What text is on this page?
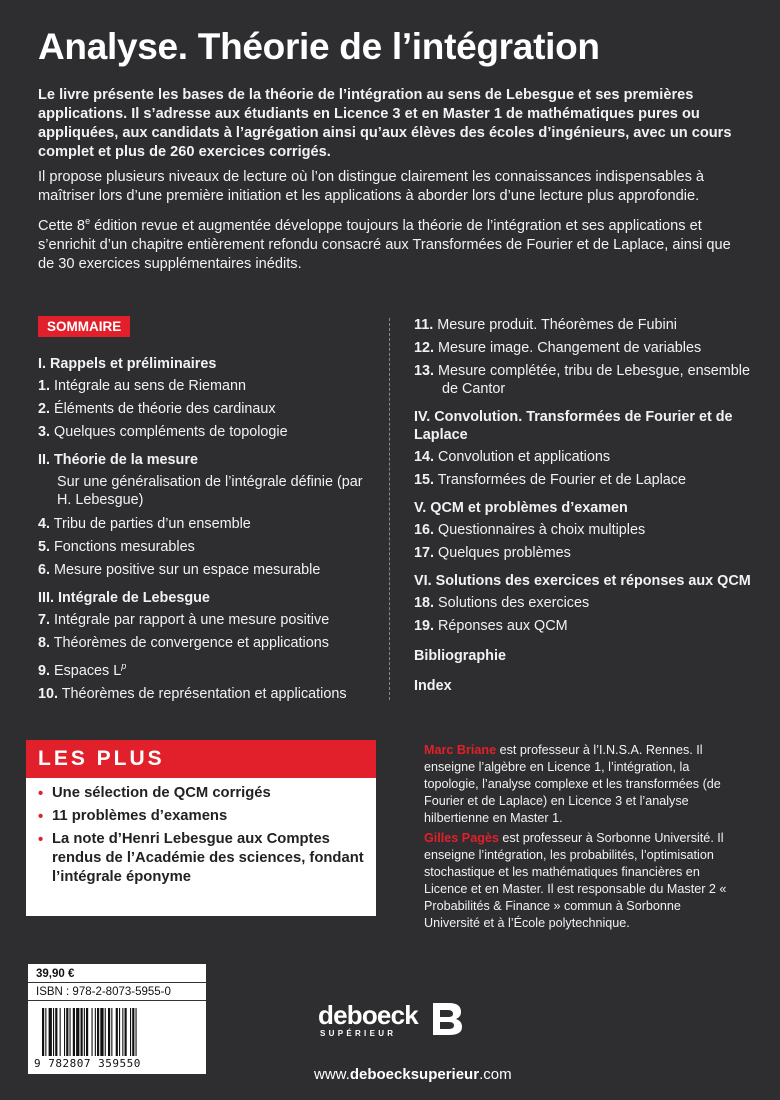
Analyse. Théorie de l’intégration

Le livre présente les bases de la théorie de l’intégration au sens de Lebesgue et ses premières applications. Il s’adresse aux étudiants en Licence 3 et en Master 1 de mathématiques pures ou appliquées, aux candidats à l’agrégation ainsi qu’aux élèves des écoles d’ingénieurs, avec un cours complet et plus de 260 exercices corrigés.

Il propose plusieurs niveaux de lecture où l’on distingue clairement les connaissances indispensables à maîtriser lors d’une première initiation et les applications à aborder lors d’une lecture plus approfondie.

Cette 8e édition revue et augmentée développe toujours la théorie de l’intégration et ses applications et s’enrichit d’un chapitre entièrement refondu consacré aux Transformées de Fourier et de Laplace, ainsi que de 30 exercices supplémentaires inédits.

SOMMAIRE
I. Rappels et préliminaires
1. Intégrale au sens de Riemann
2. Éléments de théorie des cardinaux
3. Quelques compléments de topologie
II. Théorie de la mesure
Sur une généralisation de l’intégrale définie (par H. Lebesgue)
4. Tribu de parties d’un ensemble
5. Fonctions mesurables
6. Mesure positive sur un espace mesurable
III. Intégrale de Lebesgue
7. Intégrale par rapport à une mesure positive
8. Théorèmes de convergence et applications
9. Espaces $L^p$
10. Théorèmes de représentation et applications
11. Mesure produit. Théorèmes de Fubini
12. Mesure image. Changement de variables
13. Mesure complétée, tribu de Lebesgue, ensemble de Cantor
IV. Convolution. Transformées de Fourier et de Laplace
14. Convolution et applications
15. Transformées de Fourier et de Laplace
V. QCM et problèmes d’examen
16. Questionnaires à choix multiples
17. Quelques problèmes
VI. Solutions des exercices et réponses aux QCM
18. Solutions des exercices
19. Réponses aux QCM
Bibliographie
Index
LES PLUS
• Une sélection de QCM corrigés
• 11 problèmes d’examens
• La note d’Henri Lebesgue aux Comptes rendus de l’Académie des sciences, fondant l’intégrale éponyme

Marc Briane est professeur à l’I.N.S.A. Rennes. Il enseigne l’algèbre en Licence 1, l’intégration, la topologie, l’analyse complexe et les transformées (de Fourier et de Laplace) en Licence 3 et l’analyse hilbertienne en Master 1.

Gilles Pagès est professeur à Sorbonne Université. Il enseigne l’intégration, les probabilités, l’optimisation stochastique et les mathématiques financières en Licence et en Master. Il est responsable du Master 2 « Probabilités & Finance » commun à Sorbonne Université et à l’École polytechnique.

39,90 €
ISBN : 978-2-8073-5955-0
9 782807 359550
deboeck
SUPÉRIEUR

www.deboecksuperieur.com
